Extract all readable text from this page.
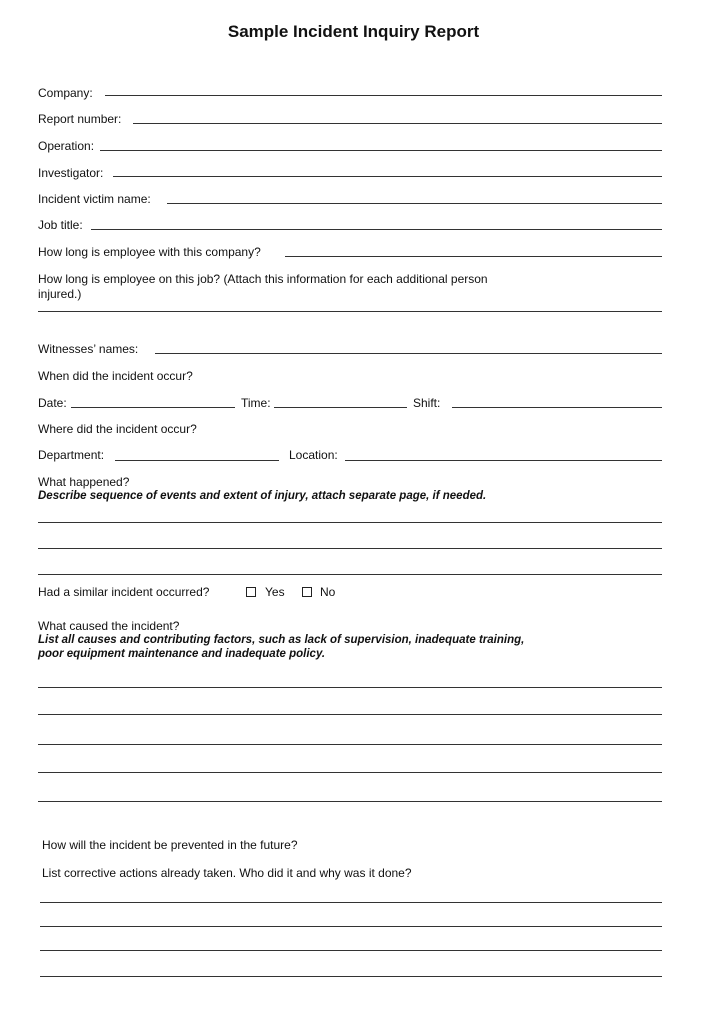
Sample Incident Inquiry Report
Company:
Report number:
Operation:
Investigator:
Incident victim name:
Job title:
How long is employee with this company?
How long is employee on this job? (Attach this information for each additional person
injured.)
Witnesses’ names:
When did the incident occur?
Date:	Time:	Shift:
Where did the incident occur?
Department:	Location:
What happened?
Describe sequence of events and extent of injury, attach separate page, if needed.
Had a similar incident occurred?	Yes	No
What caused the incident?
List all causes and contributing factors, such as lack of supervision, inadequate training,
poor equipment maintenance and inadequate policy.
How will the incident be prevented in the future?
List corrective actions already taken. Who did it and why was it done?
